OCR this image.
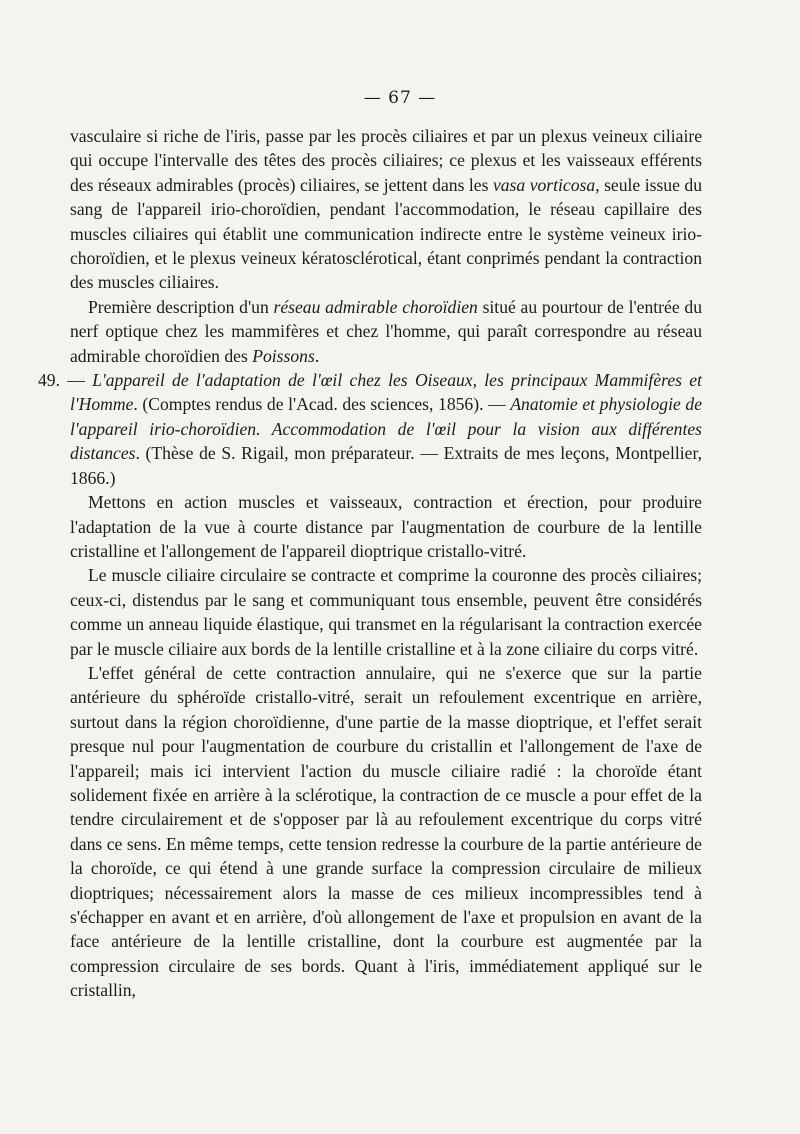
— 67 —

vasculaire si riche de l'iris, passe par les procès ciliaires et par un plexus veineux ciliaire qui occupe l'intervalle des têtes des procès ciliaires; ce plexus et les vaisseaux efférents des réseaux admirables (procès) ciliaires, se jettent dans les vasa vorticosa, seule issue du sang de l'appareil irio-choroïdien, pendant l'accommodation, le réseau capillaire des muscles ciliaires qui établit une communication indirecte entre le système veineux irio-choroïdien, et le plexus veineux kératosclérotical, étant conprimés pendant la contraction des muscles ciliaires.

Première description d'un réseau admirable choroïdien situé au pourtour de l'entrée du nerf optique chez les mammifères et chez l'homme, qui paraît correspondre au réseau admirable choroïdien des Poissons.

49. — L'appareil de l'adaptation de l'œil chez les Oiseaux, les principaux Mammifères et l'Homme. (Comptes rendus de l'Acad. des sciences, 1856). — Anatomie et physiologie de l'appareil irio-choroïdien. Accommodation de l'œil pour la vision aux différentes distances. (Thèse de S. Rigail, mon préparateur. — Extraits de mes leçons, Montpellier, 1866.)

Mettons en action muscles et vaisseaux, contraction et érection, pour produire l'adaptation de la vue à courte distance par l'augmentation de courbure de la lentille cristalline et l'allongement de l'appareil dioptrique cristallo-vitré.

Le muscle ciliaire circulaire se contracte et comprime la couronne des procès ciliaires; ceux-ci, distendus par le sang et communiquant tous ensemble, peuvent être considérés comme un anneau liquide élastique, qui transmet en la régularisant la contraction exercée par le muscle ciliaire aux bords de la lentille cristalline et à la zone ciliaire du corps vitré.

L'effet général de cette contraction annulaire, qui ne s'exerce que sur la partie antérieure du sphéroïde cristallo-vitré, serait un refoulement excentrique en arrière, surtout dans la région choroïdienne, d'une partie de la masse dioptrique, et l'effet serait presque nul pour l'augmentation de courbure du cristallin et l'allongement de l'axe de l'appareil; mais ici intervient l'action du muscle ciliaire radié : la choroïde étant solidement fixée en arrière à la sclérotique, la contraction de ce muscle a pour effet de la tendre circulairement et de s'opposer par là au refoulement excentrique du corps vitré dans ce sens. En même temps, cette tension redresse la courbure de la partie antérieure de la choroïde, ce qui étend à une grande surface la compression circulaire de milieux dioptriques; nécessairement alors la masse de ces milieux incompressibles tend à s'échapper en avant et en arrière, d'où allongement de l'axe et propulsion en avant de la face antérieure de la lentille cristalline, dont la courbure est augmentée par la compression circulaire de ses bords. Quant à l'iris, immédiatement appliqué sur le cristallin,
